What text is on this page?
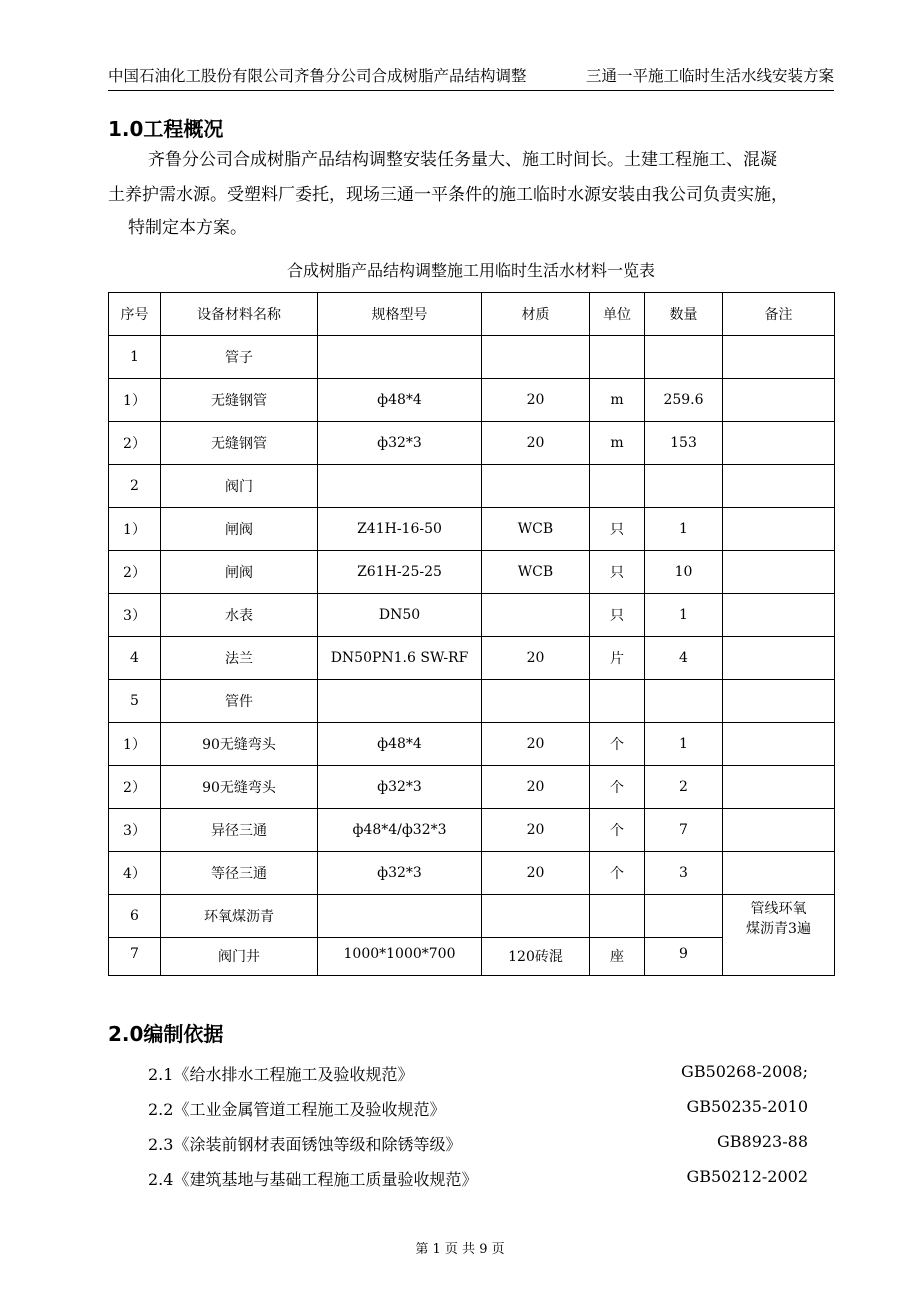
中国石油化工股份有限公司齐鲁分公司合成树脂产品结构调整	三通一平施工临时生活水线安装方案
1.0工程概况
齐鲁分公司合成树脂产品结构调整安装任务量大、施工时间长。土建工程施工、混凝
土养护需水源。受塑料厂委托，现场三通一平条件的施工临时水源安装由我公司负责实施，
特制定本方案。
合成树脂产品结构调整施工用临时生活水材料一览表
序号	设备材料名称	规格型号	材质	单位	数量	备注
1	管子					
1）	无缝钢管	ф48*4	20	m	259.6	
2）	无缝钢管	ф32*3	20	m	153	
2	阀门					
1）	闸阀	Z41H-16-50	WCB	只	1	
2）	闸阀	Z61H-25-25	WCB	只	10	
3）	水表	DN50		只	1	
4	法兰	DN50PN1.6 SW-RF	20	片	4	
5	管件					
1）	90无缝弯头	ф48*4	20	个	1	
2）	90无缝弯头	ф32*3	20	个	2	
3）	异径三通	ф48*4/ф32*3	20	个	7	
4）	等径三通	ф32*3	20	个	3	
6	环氧煤沥青					管线环氧
煤沥青3遍

7	阀门井	1000*1000*700	120砖混	座	9	
2.0编制依据
2.1《给水排水工程施工及验收规范》	GB50268-2008;
2.2《工业金属管道工程施工及验收规范》	GB50235-2010
2.3《涂装前钢材表面锈蚀等级和除锈等级》	GB8923-88
2.4《建筑基地与基础工程施工质量验收规范》	GB50212-2002
第 1 页 共 9 页
